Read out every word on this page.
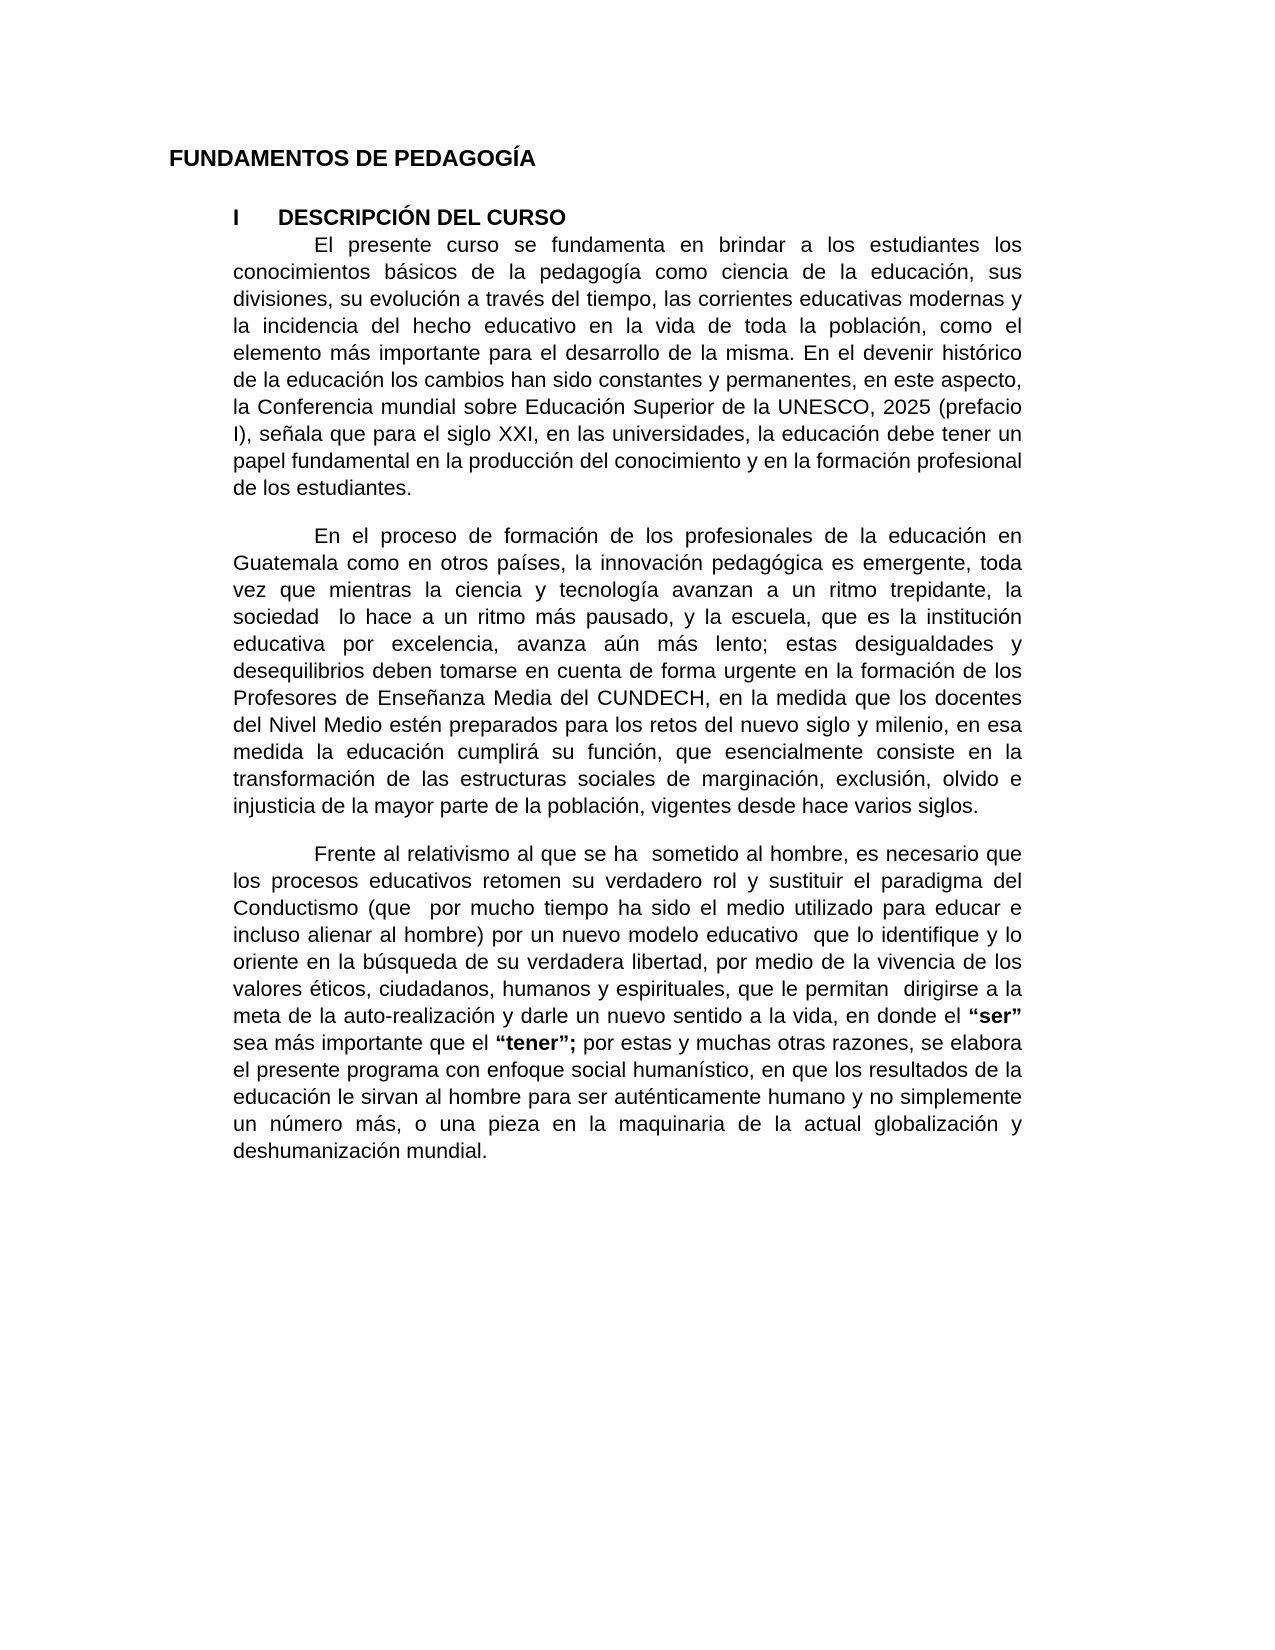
FUNDAMENTOS DE PEDAGOGÍA
I DESCRIPCIÓN DEL CURSO

El presente curso se fundamenta en brindar a los estudiantes los conocimientos básicos de la pedagogía como ciencia de la educación, sus divisiones, su evolución a través del tiempo, las corrientes educativas modernas y la incidencia del hecho educativo en la vida de toda la población, como el elemento más importante para el desarrollo de la misma. En el devenir histórico de la educación los cambios han sido constantes y permanentes, en este aspecto, la Conferencia mundial sobre Educación Superior de la UNESCO, 2025 (prefacio I), señala que para el siglo XXI, en las universidades, la educación debe tener un papel fundamental en la producción del conocimiento y en la formación profesional de los estudiantes.

En el proceso de formación de los profesionales de la educación en Guatemala como en otros países, la innovación pedagógica es emergente, toda vez que mientras la ciencia y tecnología avanzan a un ritmo trepidante, la sociedad  lo hace a un ritmo más pausado, y la escuela, que es la institución educativa por excelencia, avanza aún más lento; estas desigualdades y desequilibrios deben tomarse en cuenta de forma urgente en la formación de los Profesores de Enseñanza Media del CUNDECH, en la medida que los docentes del Nivel Medio estén preparados para los retos del nuevo siglo y milenio, en esa medida la educación cumplirá su función, que esencialmente consiste en la transformación de las estructuras sociales de marginación, exclusión, olvido e injusticia de la mayor parte de la población, vigentes desde hace varios siglos.

Frente al relativismo al que se ha  sometido al hombre, es necesario que los procesos educativos retomen su verdadero rol y sustituir el paradigma del Conductismo (que  por mucho tiempo ha sido el medio utilizado para educar e incluso alienar al hombre) por un nuevo modelo educativo  que lo identifique y lo oriente en la búsqueda de su verdadera libertad, por medio de la vivencia de los valores éticos, ciudadanos, humanos y espirituales, que le permitan  dirigirse a la meta de la auto-realización y darle un nuevo sentido a la vida, en donde el “ser” sea más importante que el “tener”; por estas y muchas otras razones, se elabora el presente programa con enfoque social humanístico, en que los resultados de la educación le sirvan al hombre para ser auténticamente humano y no simplemente un número más, o una pieza en la maquinaria de la actual globalización y deshumanización mundial.
